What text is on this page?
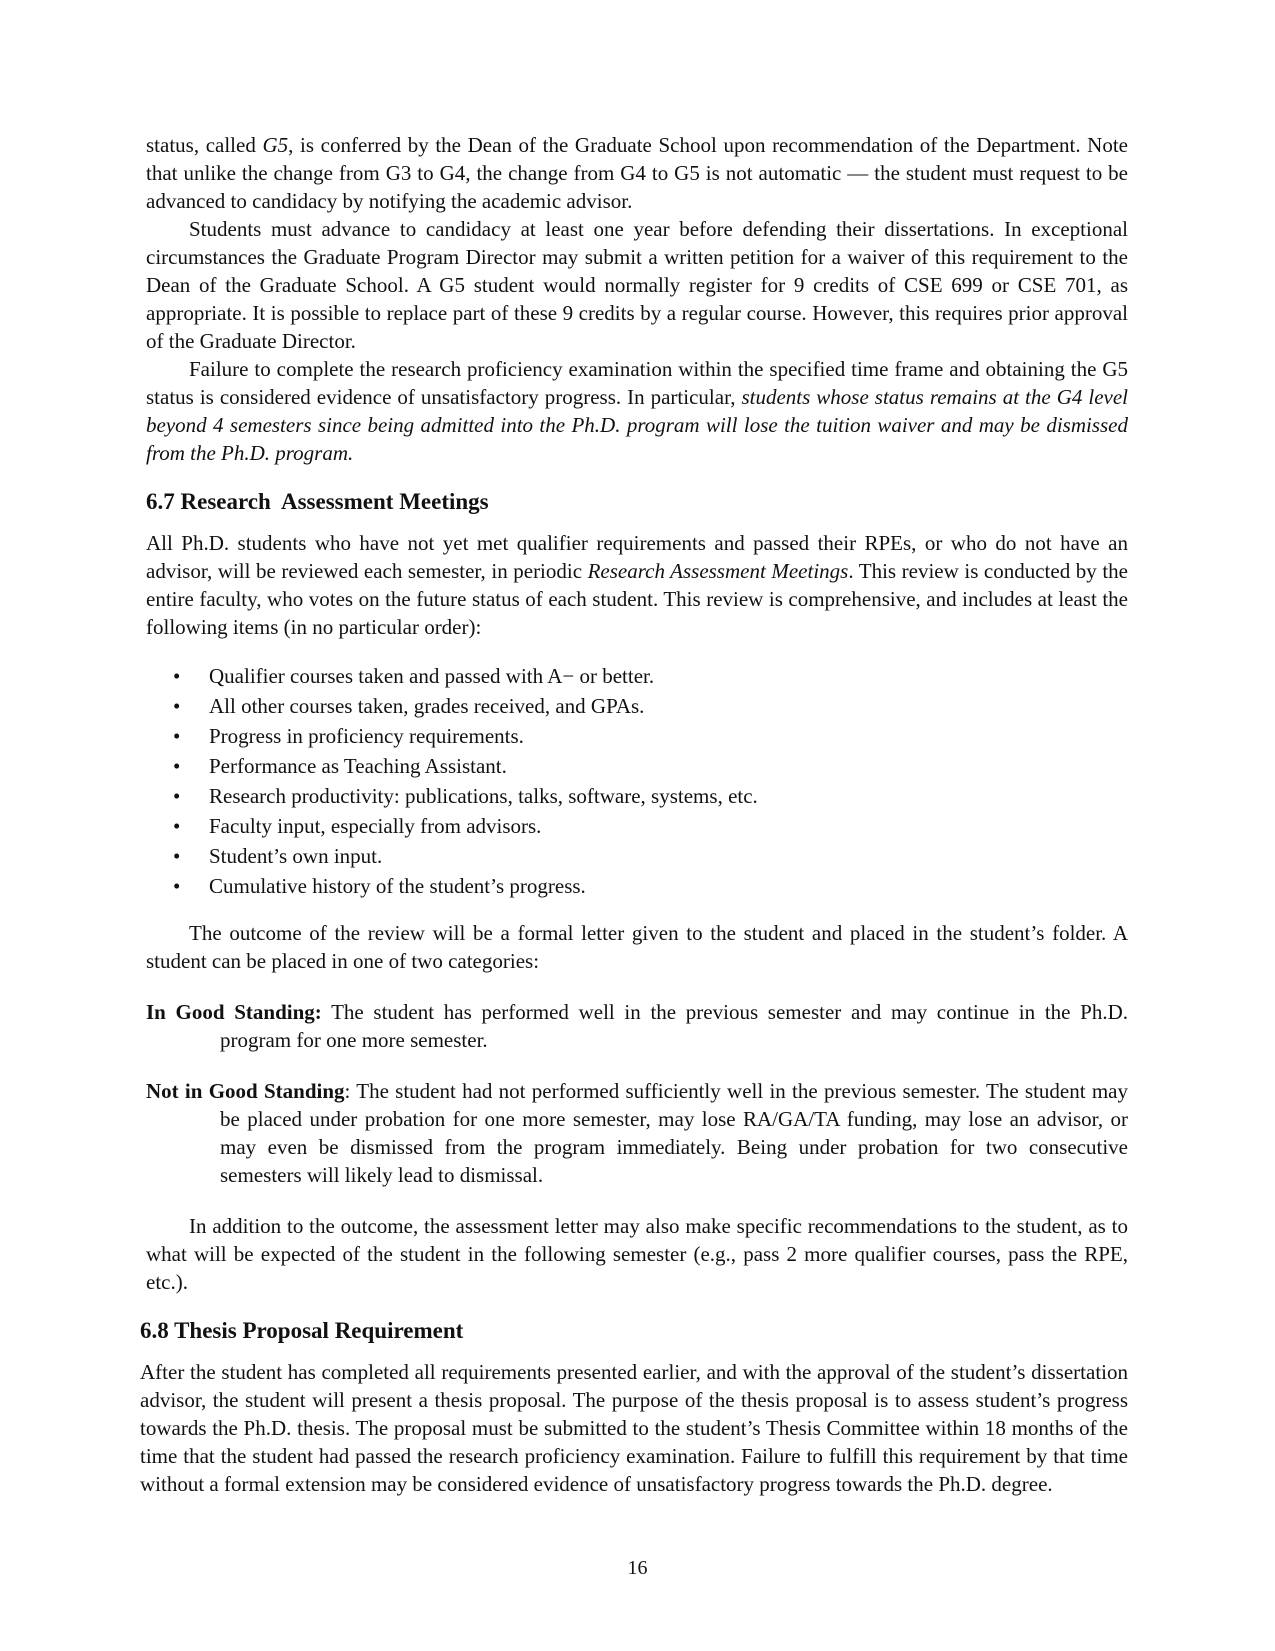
status, called G5, is conferred by the Dean of the Graduate School upon recommendation of the Department. Note that unlike the change from G3 to G4, the change from G4 to G5 is not automatic — the student must request to be advanced to candidacy by notifying the academic advisor.

Students must advance to candidacy at least one year before defending their dissertations. In exceptional circumstances the Graduate Program Director may submit a written petition for a waiver of this requirement to the Dean of the Graduate School. A G5 student would normally register for 9 credits of CSE 699 or CSE 701, as appropriate. It is possible to replace part of these 9 credits by a regular course. However, this requires prior approval of the Graduate Director.

Failure to complete the research proficiency examination within the specified time frame and obtaining the G5 status is considered evidence of unsatisfactory progress. In particular, students whose status remains at the G4 level beyond 4 semesters since being admitted into the Ph.D. program will lose the tuition waiver and may be dismissed from the Ph.D. program.

6.7 Research  Assessment Meetings

All Ph.D. students who have not yet met qualifier requirements and passed their RPEs, or who do not have an advisor, will be reviewed each semester, in periodic Research Assessment Meetings. This review is conducted by the entire faculty, who votes on the future status of each student. This review is comprehensive, and includes at least the following items (in no particular order):

• Qualifier courses taken and passed with A− or better.
• All other courses taken, grades received, and GPAs.
• Progress in proficiency requirements.
• Performance as Teaching Assistant.
• Research productivity: publications, talks, software, systems, etc.
• Faculty input, especially from advisors.
• Student’s own input.
• Cumulative history of the student’s progress.

The outcome of the review will be a formal letter given to the student and placed in the student’s folder. A student can be placed in one of two categories:

In Good Standing: The student has performed well in the previous semester and may continue in the Ph.D. program for one more semester.

Not in Good Standing: The student had not performed sufficiently well in the previous semester. The student may be placed under probation for one more semester, may lose RA/GA/TA funding, may lose an advisor, or may even be dismissed from the program immediately. Being under probation for two consecutive semesters will likely lead to dismissal.

In addition to the outcome, the assessment letter may also make specific recommendations to the student, as to what will be expected of the student in the following semester (e.g., pass 2 more qualifier courses, pass the RPE, etc.).

6.8 Thesis Proposal Requirement

After the student has completed all requirements presented earlier, and with the approval of the student’s dissertation advisor, the student will present a thesis proposal. The purpose of the thesis proposal is to assess student’s progress towards the Ph.D. thesis. The proposal must be submitted to the student’s Thesis Committee within 18 months of the time that the student had passed the research proficiency examination. Failure to fulfill this requirement by that time without a formal extension may be considered evidence of unsatisfactory progress towards the Ph.D. degree.

16
